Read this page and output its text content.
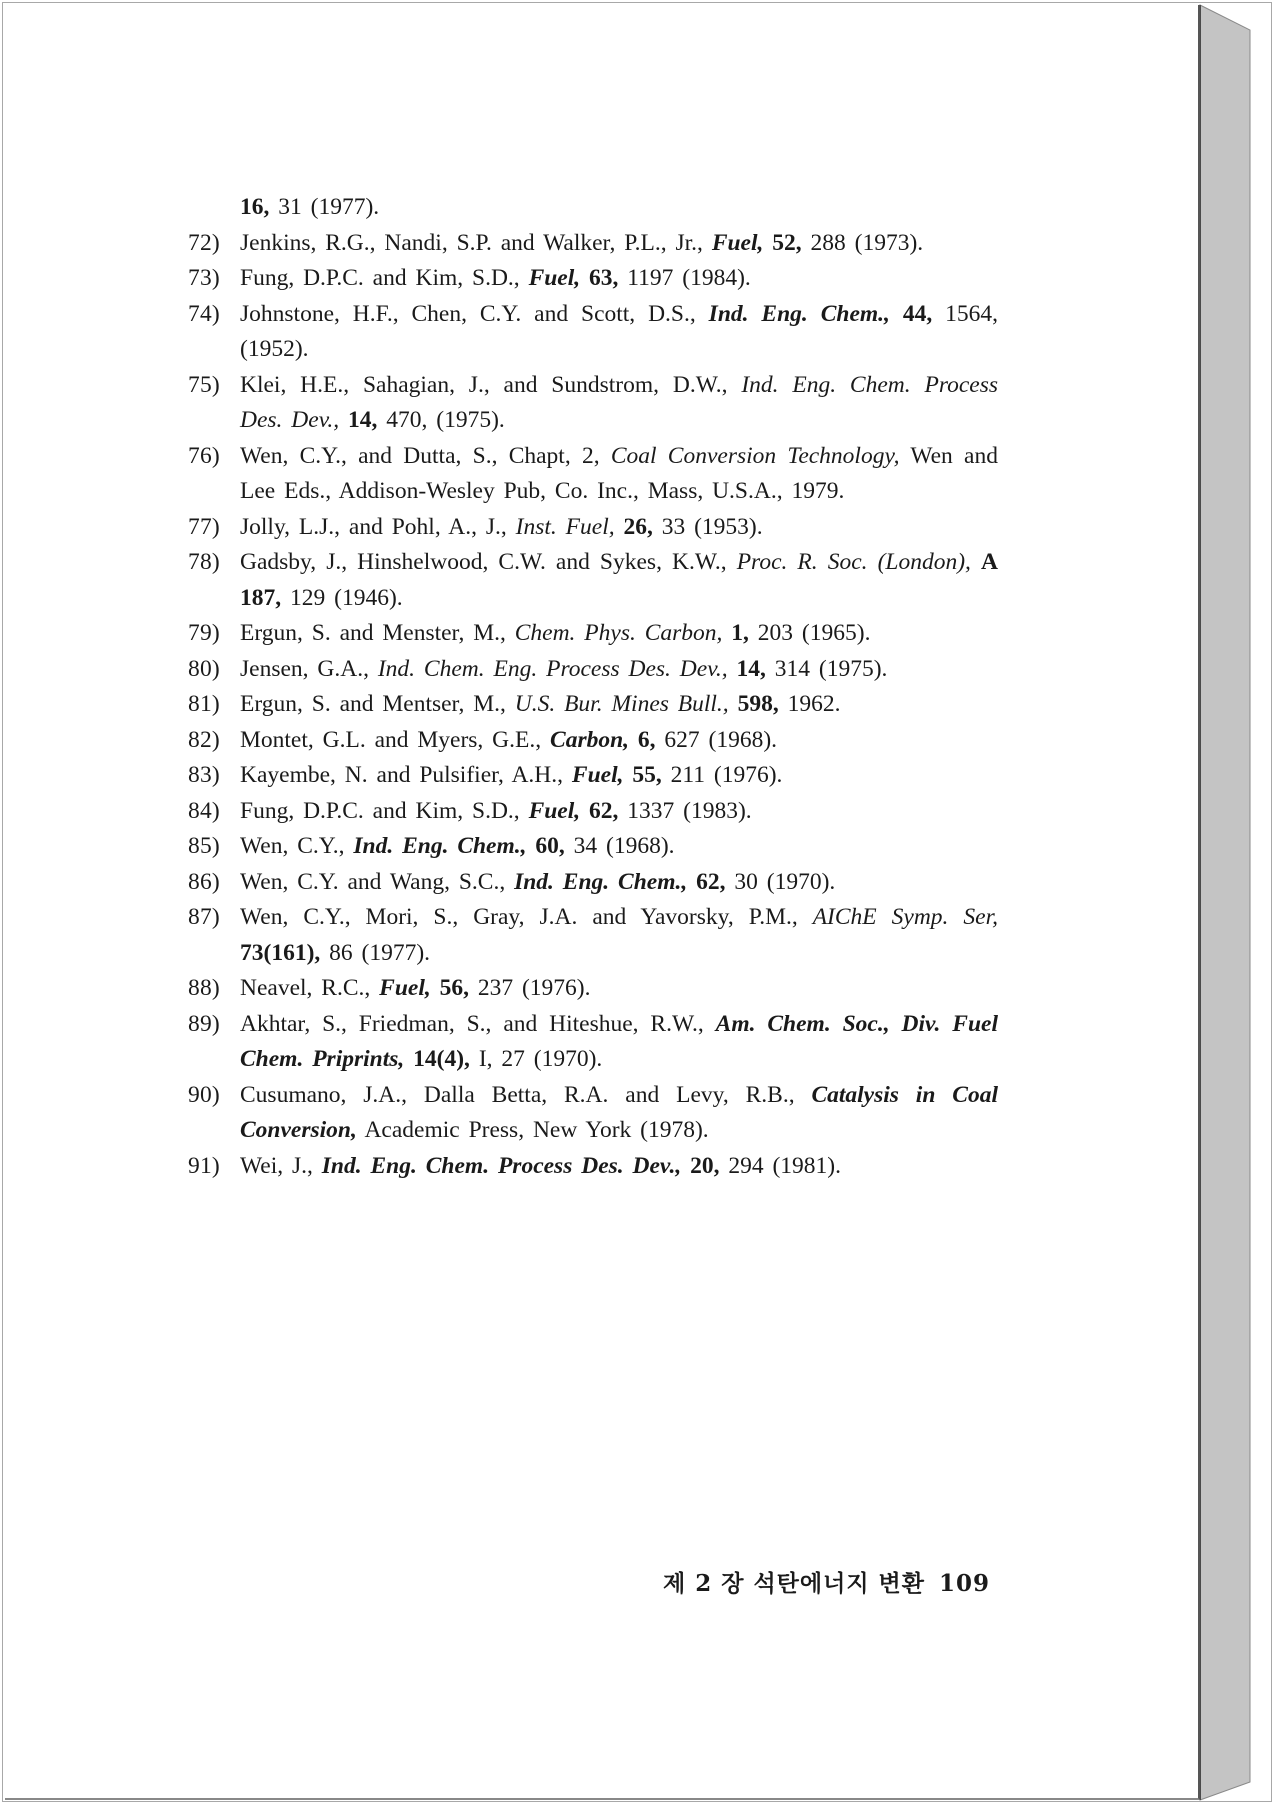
16, 31 (1977).
72) Jenkins, R.G., Nandi, S.P. and Walker, P.L., Jr., Fuel, 52, 288 (1973).
73) Fung, D.P.C. and Kim, S.D., Fuel, 63, 1197 (1984).
74) Johnstone, H.F., Chen, C.Y. and Scott, D.S., Ind. Eng. Chem., 44, 1564, (1952).
75) Klei, H.E., Sahagian, J., and Sundstrom, D.W., Ind. Eng. Chem. Process Des. Dev., 14, 470, (1975).
76) Wen, C.Y., and Dutta, S., Chapt, 2, Coal Conversion Technology, Wen and Lee Eds., Addison-Wesley Pub, Co. Inc., Mass, U.S.A., 1979.
77) Jolly, L.J., and Pohl, A., J., Inst. Fuel, 26, 33 (1953).
78) Gadsby, J., Hinshelwood, C.W. and Sykes, K.W., Proc. R. Soc. (London), A 187, 129 (1946).
79) Ergun, S. and Menster, M., Chem. Phys. Carbon, 1, 203 (1965).
80) Jensen, G.A., Ind. Chem. Eng. Process Des. Dev., 14, 314 (1975).
81) Ergun, S. and Mentser, M., U.S. Bur. Mines Bull., 598, 1962.
82) Montet, G.L. and Myers, G.E., Carbon, 6, 627 (1968).
83) Kayembe, N. and Pulsifier, A.H., Fuel, 55, 211 (1976).
84) Fung, D.P.C. and Kim, S.D., Fuel, 62, 1337 (1983).
85) Wen, C.Y., Ind. Eng. Chem., 60, 34 (1968).
86) Wen, C.Y. and Wang, S.C., Ind. Eng. Chem., 62, 30 (1970).
87) Wen, C.Y., Mori, S., Gray, J.A. and Yavorsky, P.M., AIChE Symp. Ser, 73(161), 86 (1977).
88) Neavel, R.C., Fuel, 56, 237 (1976).
89) Akhtar, S., Friedman, S., and Hiteshue, R.W., Am. Chem. Soc., Div. Fuel Chem. Priprints, 14(4), I, 27 (1970).
90) Cusumano, J.A., Dalla Betta, R.A. and Levy, R.B., Catalysis in Coal Conversion, Academic Press, New York (1978).
91) Wei, J., Ind. Eng. Chem. Process Des. Dev., 20, 294 (1981).
제 2 장 석탄에너지 변환 109
